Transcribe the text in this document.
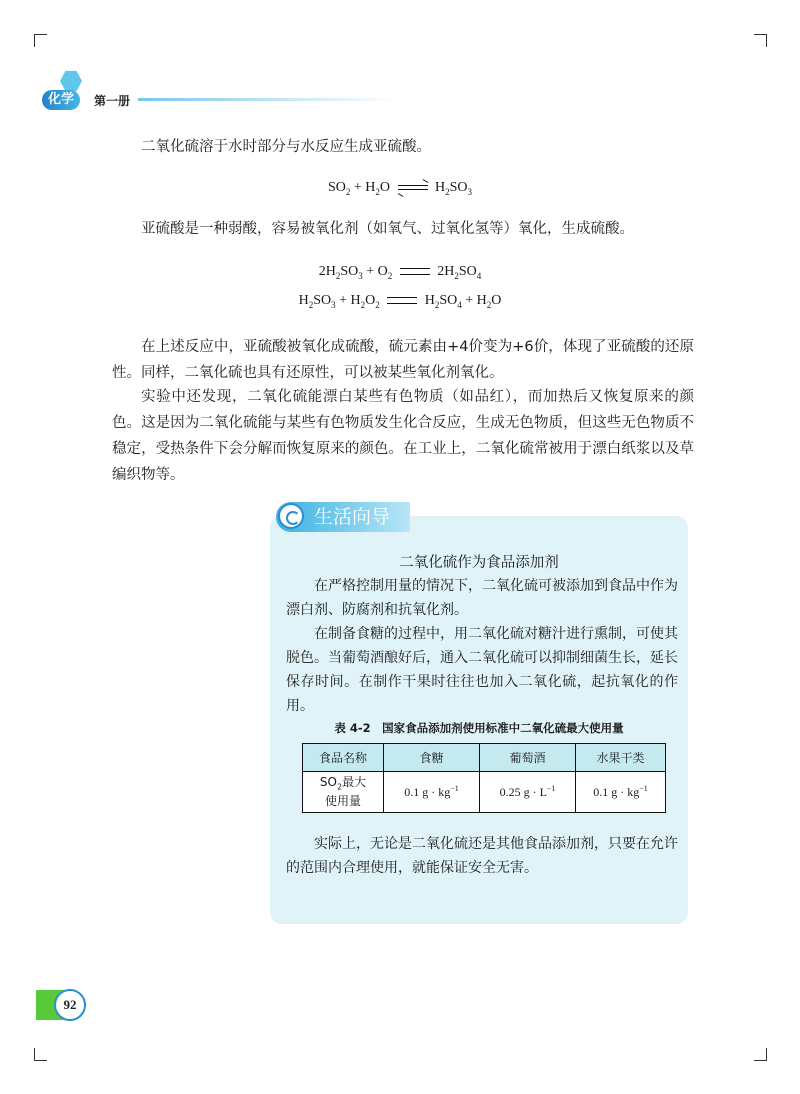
化学	第一册

二氧化硫溶于水时部分与水反应生成亚硫酸。

$SO_2 + H_2O$	$H_2SO_3$

亚硫酸是一种弱酸，容易被氧化剂（如氧气、过氧化氢等）氧化，生成硫酸。

$2H_2SO_3 + O_2$	$2H_2SO_4$
$H_2SO_3 + H_2O_2$	$H_2SO_4 + H_2O$

在上述反应中，亚硫酸被氧化成硫酸，硫元素由+4价变为+6价，体现了亚硫酸的还原性。同样，二氧化硫也具有还原性，可以被某些氧化剂氧化。

实验中还发现，二氧化硫能漂白某些有色物质（如品红），而加热后又恢复原来的颜色。这是因为二氧化硫能与某些有色物质发生化合反应，生成无色物质，但这些无色物质不稳定，受热条件下会分解而恢复原来的颜色。在工业上，二氧化硫常被用于漂白纸浆以及草编织物等。

生活向导
二氧化硫作为食品添加剂

在严格控制用量的情况下，二氧化硫可被添加到食品中作为漂白剂、防腐剂和抗氧化剂。

在制备食糖的过程中，用二氧化硫对糖汁进行熏制，可使其脱色。当葡萄酒酿好后，通入二氧化硫可以抑制细菌生长，延长保存时间。在制作干果时往往也加入二氧化硫，起抗氧化的作用。

表 4-2　国家食品添加剂使用标准中二氧化硫最大使用量
食品名称	食糖	葡萄酒	水果干类
$SO_2$最大
使用量	0.1 $g \cdot kg^{-1}$	0.25 $g \cdot L^{-1}$	0.1 $g \cdot kg^{-1}$

实际上，无论是二氧化硫还是其他食品添加剂，只要在允许的范围内合理使用，就能保证安全无害。

92
